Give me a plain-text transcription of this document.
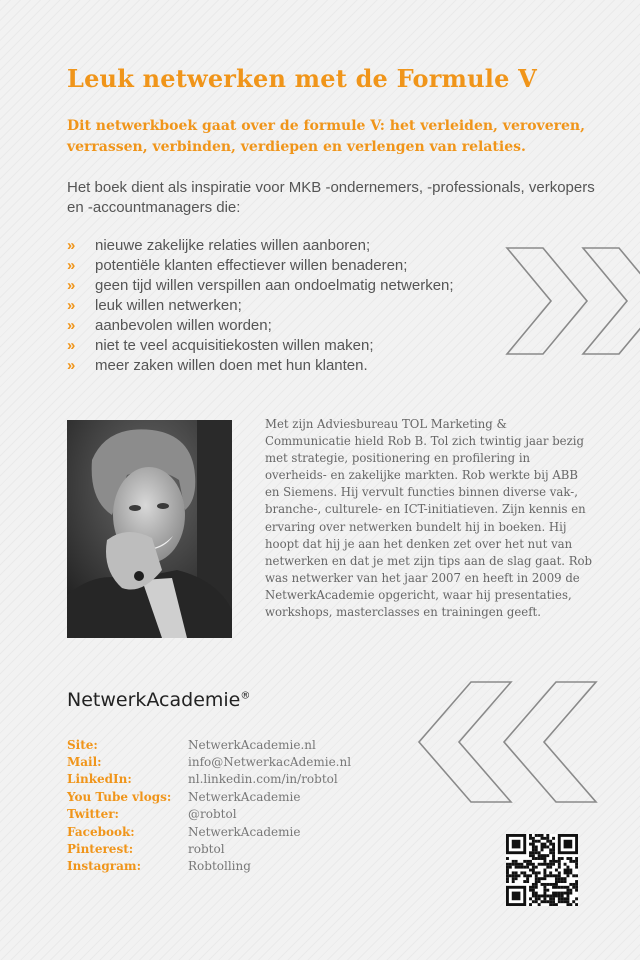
Leuk netwerken met de Formule V

Dit netwerkboek gaat over de formule V: het verleiden, veroveren, verrassen, verbinden, verdiepen en verlengen van relaties.

Het boek dient als inspiratie voor MKB -ondernemers, -professionals, verkopers en -accountmanagers die:

»	nieuwe zakelijke relaties willen aanboren;
»	potentiële klanten effectiever willen benaderen;
»	geen tijd willen verspillen aan ondoelmatig netwerken;
»	leuk willen netwerken;
»	aanbevolen willen worden;
»	niet te veel acquisitiekosten willen maken;
»	meer zaken willen doen met hun klanten.

Met zijn Adviesbureau TOL Marketing & Communicatie hield Rob B. Tol zich twintig jaar bezig met strategie, positionering en profilering in overheids- en zakelijke markten. Rob werkte bij ABB en Siemens. Hij vervult functies binnen diverse vak-, branche-, culturele- en ICT-initiatieven. Zijn kennis en ervaring over netwerken bundelt hij in boeken. Hij hoopt dat hij je aan het denken zet over het nut van netwerken en dat je met zijn tips aan de slag gaat. Rob was netwerker van het jaar 2007 en heeft in 2009 de NetwerkAcademie opgericht, waar hij presentaties, workshops, masterclasses en trainingen geeft.

NetwerkAcademie®
Site:	NetwerkAcademie.nl
Mail:	info@NetwerkacAdemie.nl
LinkedIn:	nl.linkedin.com/in/robtol
You Tube vlogs:	NetwerkAcademie
Twitter:	@robtol
Facebook:	NetwerkAcademie
Pinterest:	robtol
Instagram:	Robtolling
